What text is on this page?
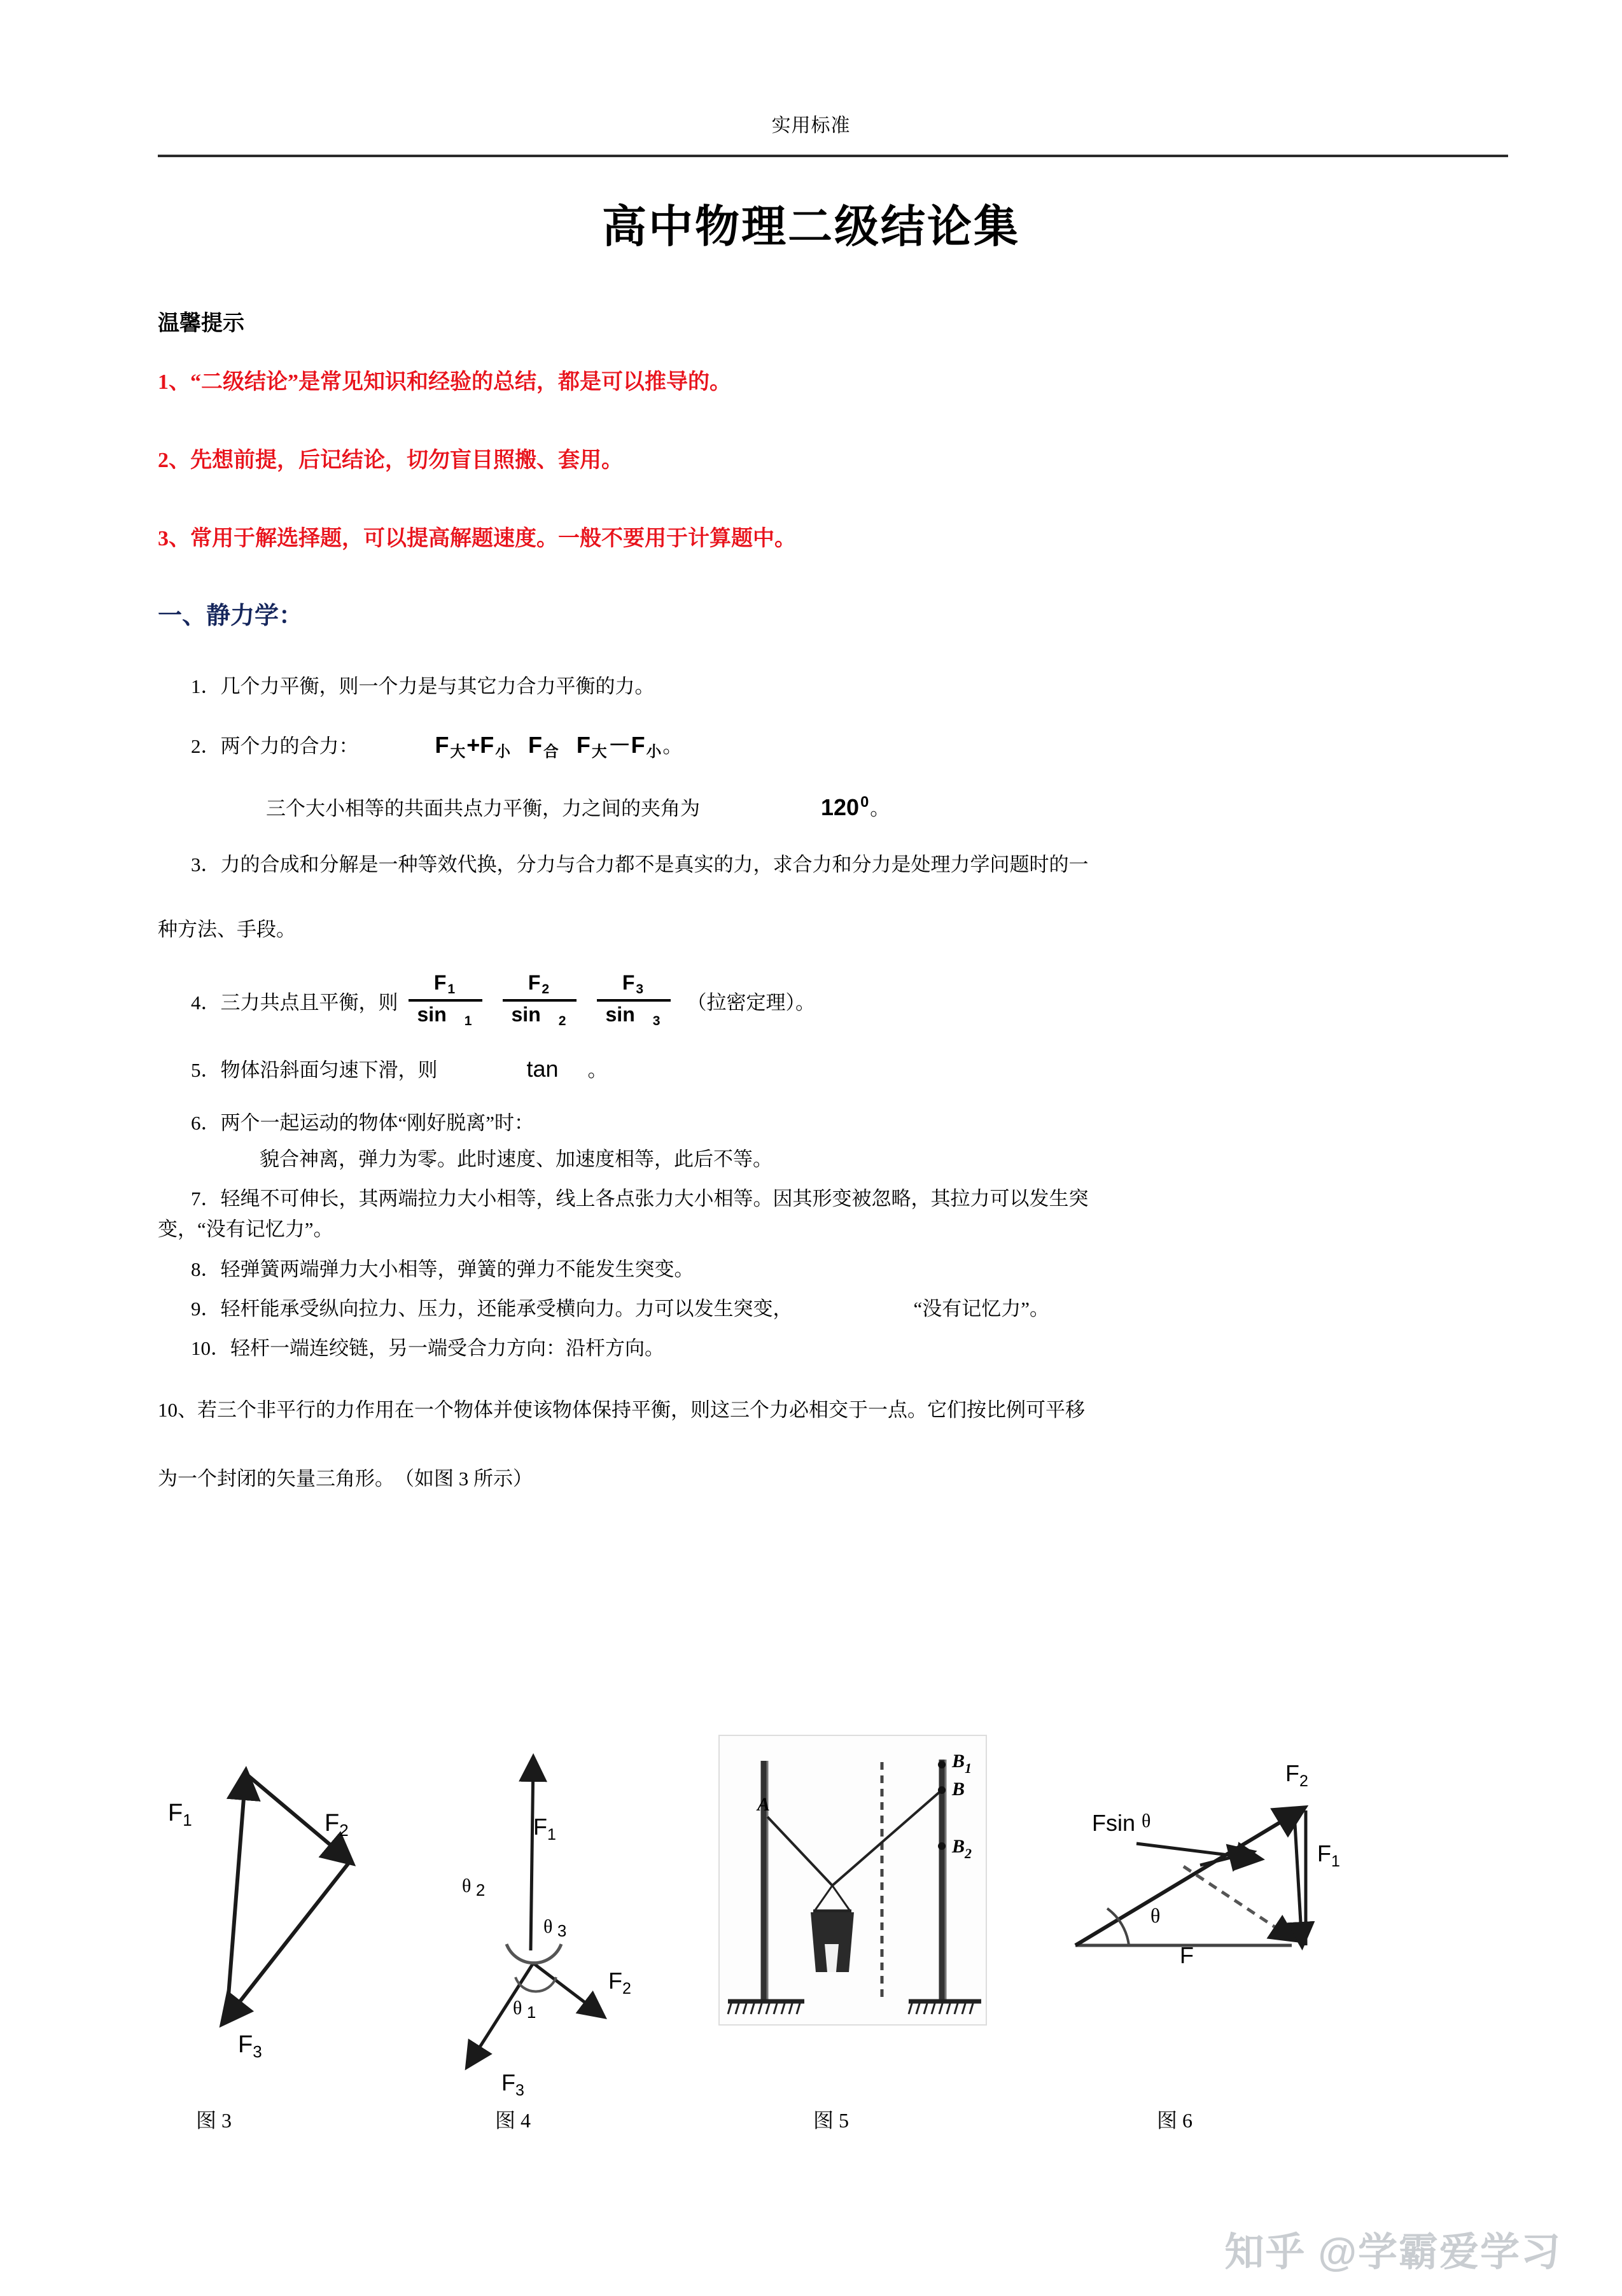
实用标准
高中物理二级结论集
温馨提示
1、“二级结论”是常见知识和经验的总结，都是可以推导的。
2、先想前提，后记结论，切勿盲目照搬、套用。
3、常用于解选择题，可以提高解题速度。一般不要用于计算题中。
一、静力学：
1．几个力平衡，则一个力是与其它力合力平衡的力。
2．两个力的合力：	$F_大+F_小$ $F_合$ $F_大-F_小$。
三个大小相等的共面共点力平衡，力之间的夹角为	$120^0$。
3．力的合成和分解是一种等效代换，分力与合力都不是真实的力，求合力和分力是处理力学问题时的一
种方法、手段。
4．三力共点且平衡，则 $\frac{F_1}{\sin _1} \frac{F_2}{\sin _2} \frac{F_3}{\sin _3}$ （拉密定理）。
5．物体沿斜面匀速下滑，则	tan 。
6．两个一起运动的物体“刚好脱离”时：
貌合神离，弹力为零。此时速度、加速度相等，此后不等。
7．轻绳不可伸长，其两端拉力大小相等，线上各点张力大小相等。因其形变被忽略，其拉力可以发生突
变，“没有记忆力”。
8．轻弹簧两端弹力大小相等，弹簧的弹力不能发生突变。
9．轻杆能承受纵向拉力、压力，还能承受横向力。力可以发生突变，	“没有记忆力”。
10．轻杆一端连绞链，另一端受合力方向：沿杆方向。
10、若三个非平行的力作用在一个物体并使该物体保持平衡，则这三个力必相交于一点。它们按比例可平移
为一个封闭的矢量三角形。　（如图 3 所示）
$F_1$	$F_2$
$F_3$
图 3
$F_1$
$F_2$
$F_3$
θ 2
θ 3
θ 1
图 4
A
$B_1$
B
$B_2$
图 5
$F_2$
$F_1$
F
Fsin θ
θ
图 6
知乎 @学霸爱学习
